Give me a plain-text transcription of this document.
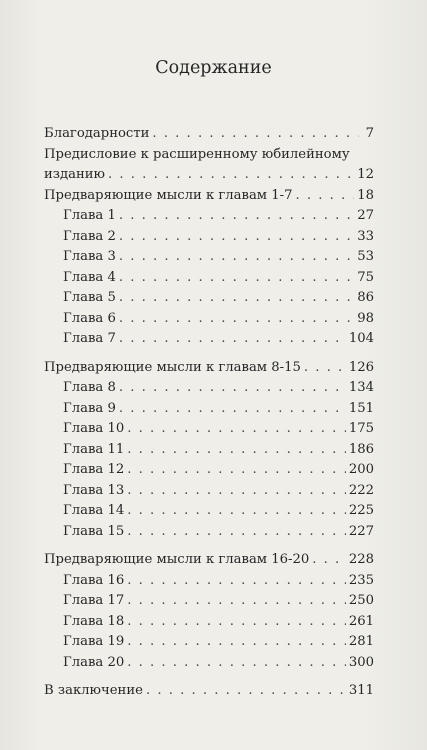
Содержание
Благодарности . . .	7
Предисловие к расширенному юбилейному
изданию . . .	12
Предваряющие мысли к главам 1-7 . . .	18
Глава 1 . . .	27
Глава 2 . . .	33
Глава 3 . . .	53
Глава 4 . . .	75
Глава 5 . . .	86
Глава 6 . . .	98
Глава 7 . . .	104
Предваряющие мысли к главам 8-15 . . .	126
Глава 8 . . .	134
Глава 9 . . .	151
Глава 10 . . .	175
Глава 11 . . .	186
Глава 12 . . .	200
Глава 13 . . .	222
Глава 14 . . .	225
Глава 15 . . .	227
Предваряющие мысли к главам 16-20 . . .	228
Глава 16 . . .	235
Глава 17 . . .	250
Глава 18 . . .	261
Глава 19 . . .	281
Глава 20 . . .	300
В заключение . . .	311
